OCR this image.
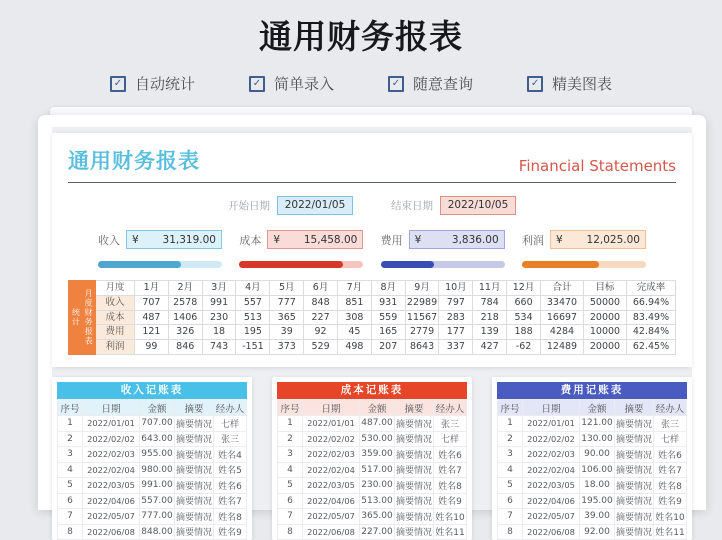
通用财务报表
✓ 自动统计	✓ 简单录入	✓ 随意查询	✓ 精美图表
通用财务报表	Financial Statements
开始日期	2022/01/05	结束日期	2022/10/05
收入 ¥ 31,319.00 成本 ¥ 15,458.00 费用 ¥	3,836.00 利润 ¥ 12,025.00
统计 月度财务报表	月度	1月	2月	3月	4月	5月	6月	7月	8月	9月	10月	11月	12月	合计	目标	完成率
	收入	707	2578	991	557	777	848	851	931	22989	797	784	660	33470	50000	66.94%
	成本	487	1406	230	513	365	227	308	559	11567	283	218	534	16697	20000	83.49%
	费用	121	326	18	195	39	92	45	165	2779	177	139	188	4284	10000	42.84%
	利润	99	846	743	-151	373	529	498	207	8643	337	427	-62	12489	20000	62.45%
收入记账表
序号	日期	金额	摘要	经办人
1	2022/01/01	707.00	摘要情况	七样
2	2022/02/02	643.00	摘要情况	张三
3	2022/02/03	955.00	摘要情况	姓名4
4	2022/02/04	980.00	摘要情况	姓名5
5	2022/03/05	991.00	摘要情况	姓名6
6	2022/04/06	557.00	摘要情况	姓名7
7	2022/05/07	777.00	摘要情况	姓名8
8	2022/06/08	848.00	摘要情况	姓名9
成本记账表
序号	日期	金额	摘要	经办人
1	2022/01/01	487.00	摘要情况	张三
2	2022/02/02	530.00	摘要情况	七样
3	2022/02/03	359.00	摘要情况	姓名6
4	2022/02/04	517.00	摘要情况	姓名7
5	2022/03/05	230.00	摘要情况	姓名8
6	2022/04/06	513.00	摘要情况	姓名9
7	2022/05/07	365.00	摘要情况	姓名10
8	2022/06/08	227.00	摘要情况	姓名11
费用记账表
序号	日期	金额	摘要	经办人
1	2022/01/01	121.00	摘要情况	张三
2	2022/02/02	130.00	摘要情况	七样
3	2022/02/03	90.00	摘要情况	姓名6
4	2022/02/04	106.00	摘要情况	姓名7
5	2022/03/05	18.00	摘要情况	姓名8
6	2022/04/06	195.00	摘要情况	姓名9
7	2022/05/07	39.00	摘要情况	姓名10
8	2022/06/08	92.00	摘要情况	姓名11
